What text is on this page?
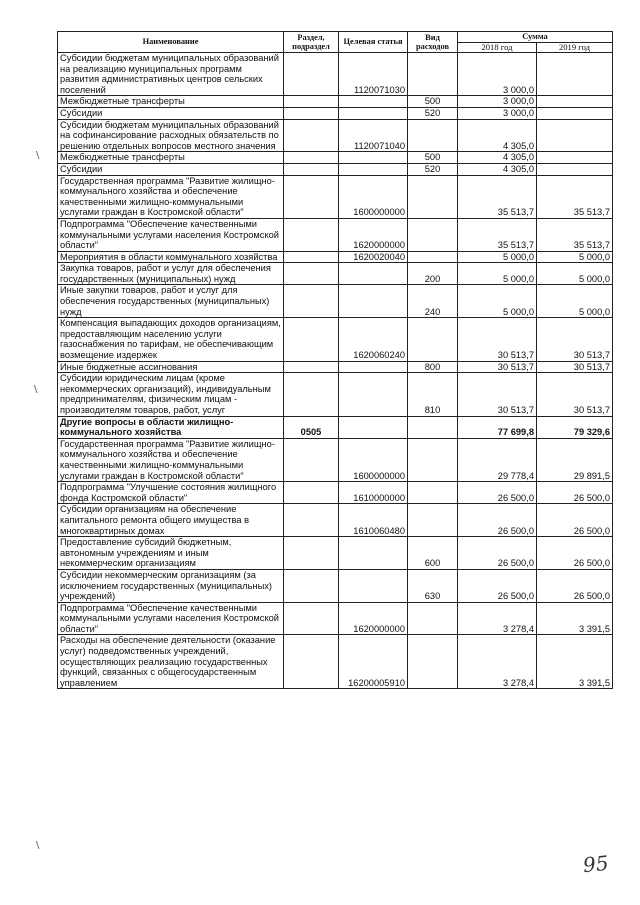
Наименование	Раздел, подраздел	Целевая статья	Вид расходов	Сумма	
				2018 год	2019 год
Субсидии бюджетам муниципальных образований на реализацию муниципальных программ развития административных центров сельских поселений		1120071030		3 000,0	
Межбюджетные трансферты			500	3 000,0	
Субсидии			520	3 000,0	
Субсидии бюджетам муниципальных образований на софинансирование расходных обязательств по решению отдельных вопросов местного значения		1120071040		4 305,0	
Межбюджетные трансферты			500	4 305,0	
Субсидии			520	4 305,0	
Государственная программа "Развитие жилищно-коммунального хозяйства и обеспечение качественными жилищно-коммунальными услугами граждан в Костромской области"		1600000000		35 513,7	35 513,7
Подпрограмма "Обеспечение качественными коммунальными услугами населения Костромской области"		1620000000		35 513,7	35 513,7
Мероприятия в области коммунального хозяйства		1620020040		5 000,0	5 000,0
Закупка товаров, работ и услуг для обеспечения государственных (муниципальных) нужд			200	5 000,0	5 000,0
Иные закупки товаров, работ и услуг для обеспечения государственных (муниципальных) нужд			240	5 000,0	5 000,0
Компенсация выпадающих доходов организациям, предоставляющим населению услуги газоснабжения по тарифам, не обеспечивающим возмещение издержек		1620060240		30 513,7	30 513,7
Иные бюджетные ассигнования			800	30 513,7	30 513,7
Субсидии юридическим лицам (кроме некоммерческих организаций), индивидуальным предпринимателям, физическим лицам - производителям товаров, работ, услуг			810	30 513,7	30 513,7
Другие вопросы в области жилищно-коммунального хозяйства	0505			77 699,8	79 329,6
Государственная программа "Развитие жилищно-коммунального хозяйства и обеспечение качественными жилищно-коммунальными услугами граждан в Костромской области"		1600000000		29 778,4	29 891,5
Подпрограмма "Улучшение состояния жилищного фонда Костромской области"		1610000000		26 500,0	26 500,0
Субсидии организациям на обеспечение капитального ремонта общего имущества в многоквартирных домах		1610060480		26 500,0	26 500,0
Предоставление субсидий бюджетным, автономным учреждениям и иным некоммерческим организациям			600	26 500,0	26 500,0
Субсидии некоммерческим организациям (за исключением государственных (муниципальных) учреждений)			630	26 500,0	26 500,0
Подпрограмма "Обеспечение качественными коммунальными услугами населения Костромской области"		1620000000		3 278,4	3 391,5
Расходы на обеспечение деятельности (оказание услуг) подведомственных учреждений, осуществляющих реализацию государственных функций, связанных с общегосударственным управлением		16200005910		3 278,4	3 391,5
95
\
\
\
